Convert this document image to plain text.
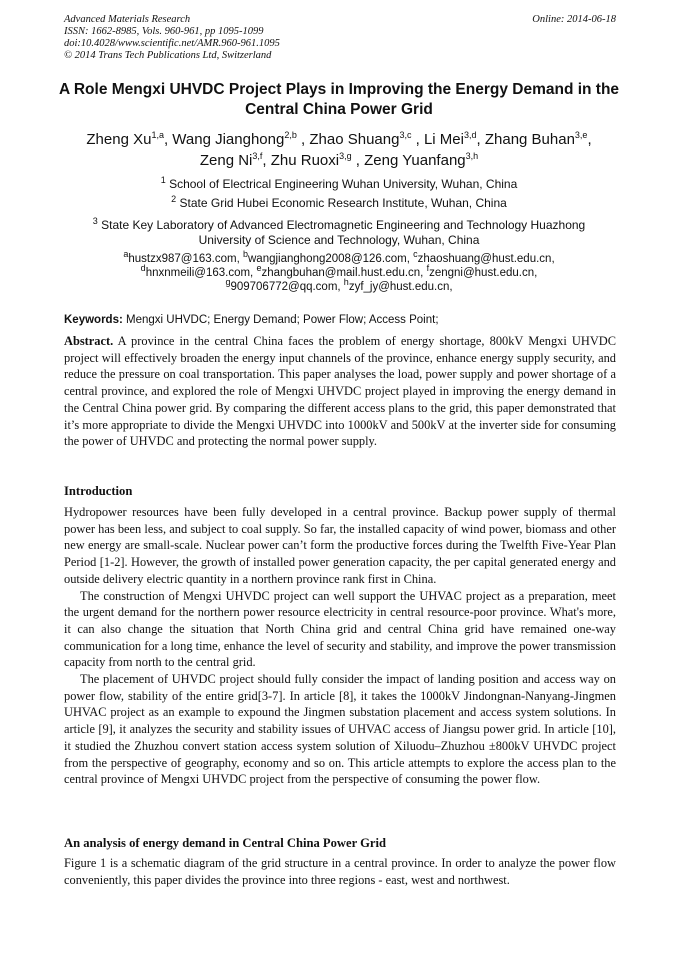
Advanced Materials Research
ISSN: 1662-8985, Vols. 960-961, pp 1095-1099
doi:10.4028/www.scientific.net/AMR.960-961.1095
© 2014 Trans Tech Publications Ltd, Switzerland
Online: 2014-06-18
A Role Mengxi UHVDC Project Plays in Improving the Energy Demand in the Central China Power Grid
Zheng Xu$^{1,a}$, Wang Jianghong$^{2,b}$ , Zhao Shuang$^{3,c}$ , Li Mei$^{3,d}$, Zhang Buhan$^{3,e}$,
Zeng Ni$^{3,f}$, Zhu Ruoxi$^{3,g}$ , Zeng Yuanfang$^{3,h}$
$^1$ School of Electrical Engineering Wuhan University, Wuhan, China
$^2$ State Grid Hubei Economic Research Institute, Wuhan, China
$^3$ State Key Laboratory of Advanced Electromagnetic Engineering and Technology Huazhong University of Science and Technology, Wuhan, China
$^a$hustzx987@163.com, $^b$wangjianghong2008@126.com, $^c$zhaoshuang@hust.edu.cn,
$^d$hnxnmeili@163.com, $^e$zhangbuhan@mail.hust.edu.cn, $^f$zengni@hust.edu.cn,
$^g$909706772@qq.com, $^h$zyf_jy@hust.edu.cn,
Keywords: Mengxi UHVDC; Energy Demand; Power Flow; Access Point;

Abstract. A province in the central China faces the problem of energy shortage, 800kV Mengxi UHVDC project will effectively broaden the energy input channels of the province, enhance energy supply security, and reduce the pressure on coal transportation. This paper analyses the load, power supply and power shortage of a central province, and explored the role of Mengxi UHVDC project played in improving the energy demand in the Central China power grid. By comparing the different access plans to the grid, this paper demonstrated that it’s more appropriate to divide the Mengxi UHVDC into 1000kV and 500kV at the inverter side for consuming the power of UHVDC and protecting the normal power supply.

Introduction

Hydropower resources have been fully developed in a central province. Backup power supply of thermal power has been less, and subject to coal supply. So far, the installed capacity of wind power, biomass and other new energy are small-scale. Nuclear power can’t form the productive forces during the Twelfth Five-Year Plan Period [1-2]. However, the growth of installed power generation capacity, the per capital generated energy and outside delivery electric quantity in a northern province rank first in China.

The construction of Mengxi UHVDC project can well support the UHVAC project as a preparation, meet the urgent demand for the northern power resource electricity in central resource-poor province. What's more, it can also change the situation that North China grid and central China grid have remained one-way communication for a long time, enhance the level of security and stability, and improve the power transmission capacity from north to the central grid.

The placement of UHVDC project should fully consider the impact of landing position and access way on power flow, stability of the entire grid[3-7]. In article [8], it takes the 1000kV Jindongnan-Nanyang-Jingmen UHVAC project as an example to expound the Jingmen substation placement and access system solutions. In article [9], it analyzes the security and stability issues of UHVAC access of Jiangsu power grid. In article [10], it studied the Zhuzhou convert station access system solution of Xiluodu–Zhuzhou ±800kV UHVDC project from the perspective of geography, economy and so on. This article attempts to explore the access plan to the central province of Mengxi UHVDC project from the perspective of consuming the power flow.

An analysis of energy demand in Central China Power Grid

Figure 1 is a schematic diagram of the grid structure in a central province. In order to analyze the power flow conveniently, this paper divides the province into three regions - east, west and northwest.
